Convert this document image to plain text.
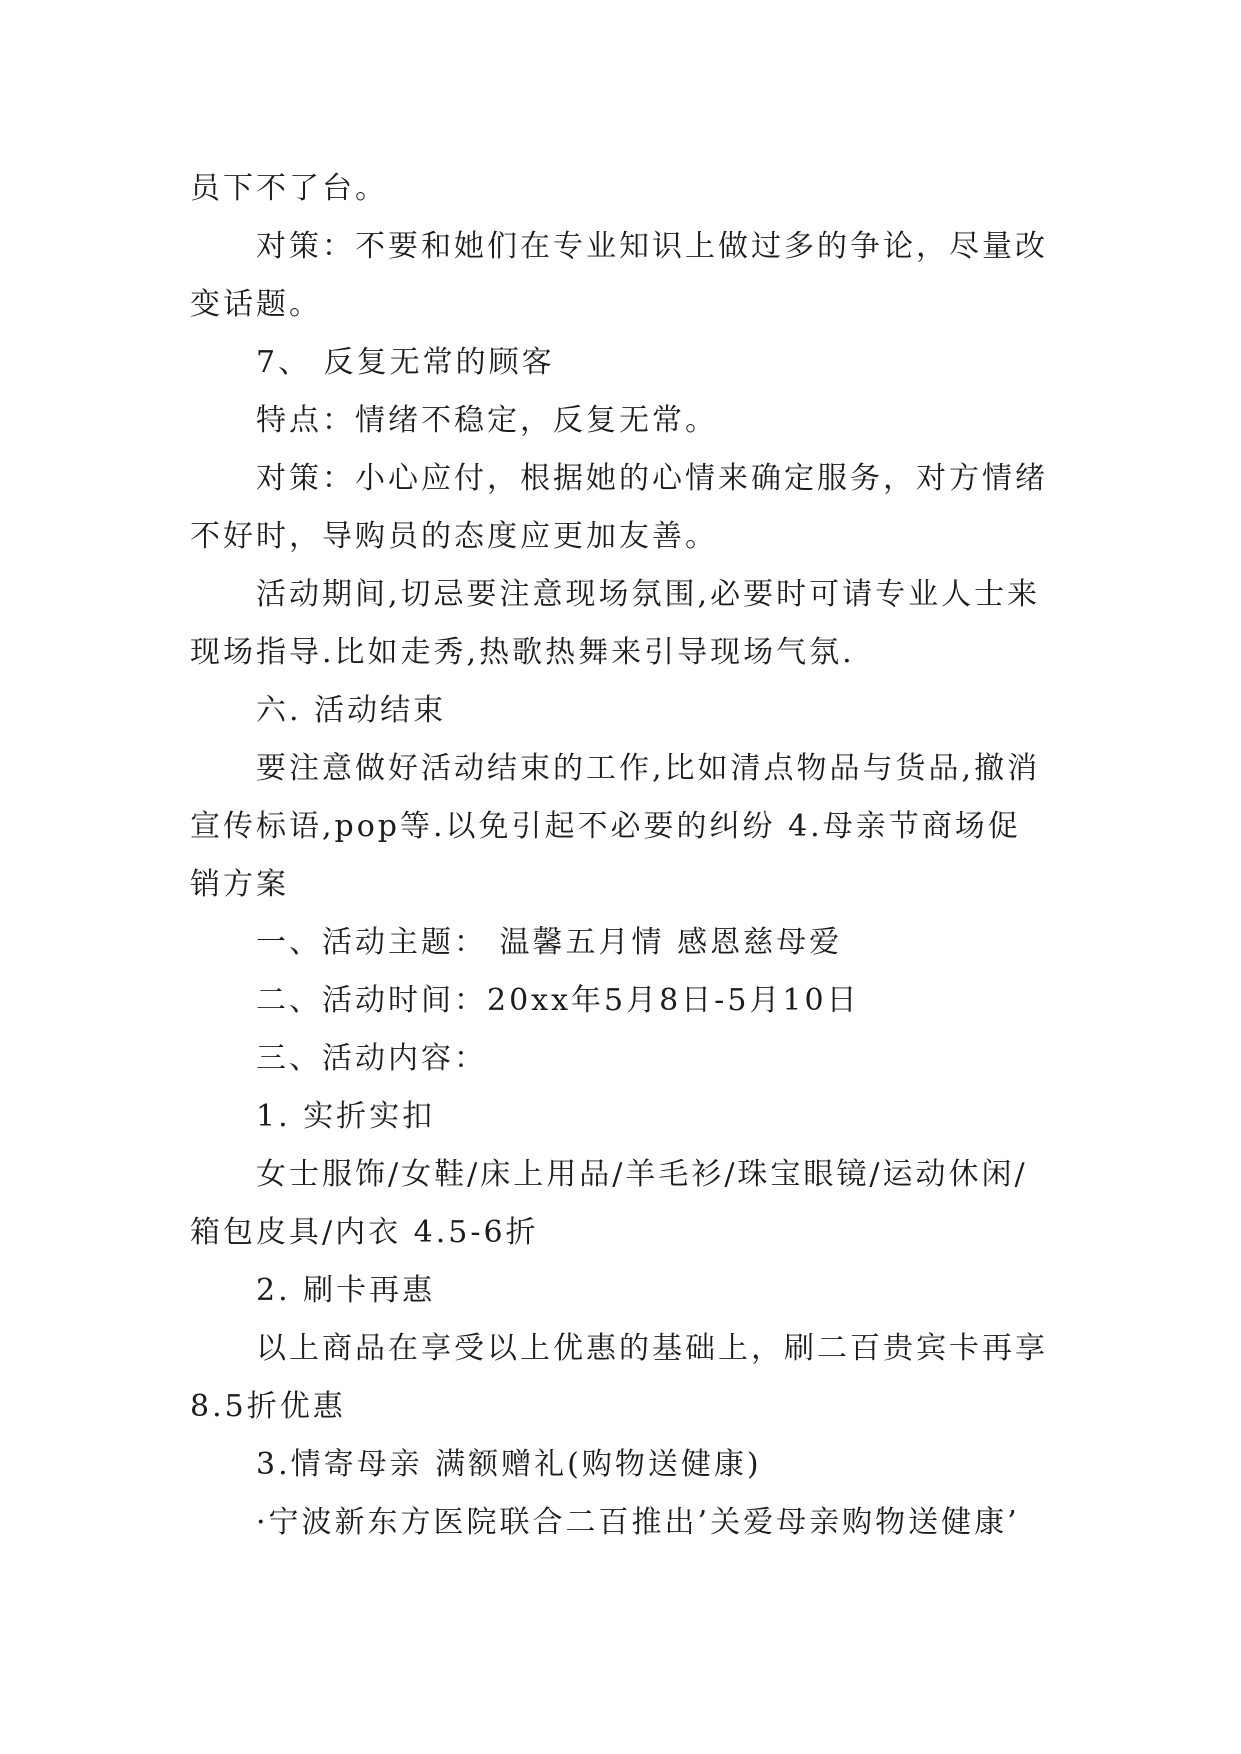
员下不了台。

对策：不要和她们在专业知识上做过多的争论，尽量改变话题。

7、 反复无常的顾客

特点：情绪不稳定，反复无常。

对策：小心应付，根据她的心情来确定服务，对方情绪不好时，导购员的态度应更加友善。

活动期间,切忌要注意现场氛围,必要时可请专业人士来现场指导.比如走秀,热歌热舞来引导现场气氛.

六. 活动结束

要注意做好活动结束的工作,比如清点物品与货品,撤消宣传标语,pop等.以免引起不必要的纠纷 4.母亲节商场促销方案

一、活动主题： 温馨五月情 感恩慈母爱

二、活动时间：20xx年5月8日-5月10日

三、活动内容：

1. 实折实扣

女士服饰/女鞋/床上用品/羊毛衫/珠宝眼镜/运动休闲/箱包皮具/内衣 4.5-6折

2. 刷卡再惠

以上商品在享受以上优惠的基础上，刷二百贵宾卡再享8.5折优惠

3.情寄母亲 满额赠礼(购物送健康)

·宁波新东方医院联合二百推出’关爱母亲购物送健康’
